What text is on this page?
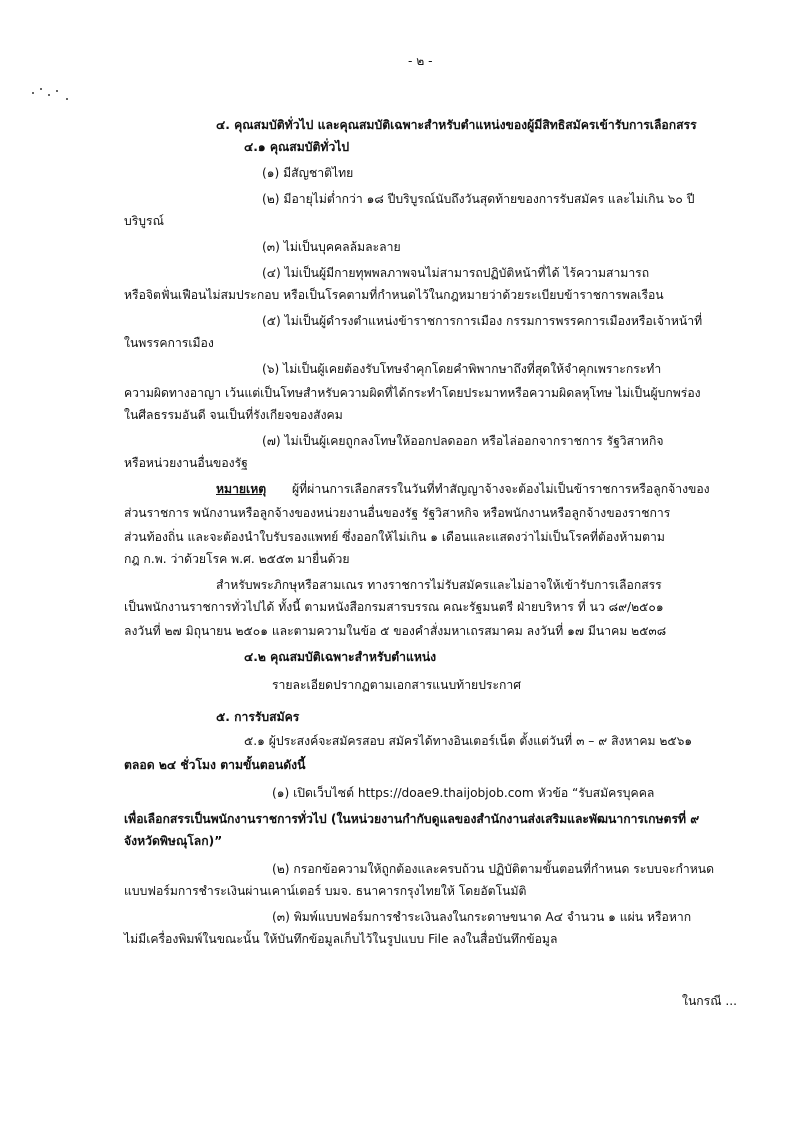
- ๒ -
๔. คุณสมบัติทั่วไป และคุณสมบัติเฉพาะสำหรับตำแหน่งของผู้มีสิทธิสมัครเข้ารับการเลือกสรร
๔.๑ คุณสมบัติทั่วไป
(๑) มีสัญชาติไทย
(๒) มีอายุไม่ต่ำกว่า ๑๘ ปีบริบูรณ์นับถึงวันสุดท้ายของการรับสมัคร และไม่เกิน ๖๐ ปี
บริบูรณ์
(๓) ไม่เป็นบุคคลล้มละลาย
(๔) ไม่เป็นผู้มีกายทุพพลภาพจนไม่สามารถปฏิบัติหน้าที่ได้ ไร้ความสามารถ
หรือจิตฟั่นเฟือนไม่สมประกอบ หรือเป็นโรคตามที่กำหนดไว้ในกฎหมายว่าด้วยระเบียบข้าราชการพลเรือน
(๕) ไม่เป็นผู้ดำรงตำแหน่งข้าราชการการเมือง กรรมการพรรคการเมืองหรือเจ้าหน้าที่
ในพรรคการเมือง
(๖) ไม่เป็นผู้เคยต้องรับโทษจำคุกโดยคำพิพากษาถึงที่สุดให้จำคุกเพราะกระทำ
ความผิดทางอาญา เว้นแต่เป็นโทษสำหรับความผิดที่ได้กระทำโดยประมาทหรือความผิดลหุโทษ ไม่เป็นผู้บกพร่อง
ในศีลธรรมอันดี จนเป็นที่รังเกียจของสังคม
(๗) ไม่เป็นผู้เคยถูกลงโทษให้ออกปลดออก หรือไล่ออกจากราชการ รัฐวิสาหกิจ
หรือหน่วยงานอื่นของรัฐ
หมายเหตุ ผู้ที่ผ่านการเลือกสรรในวันที่ทำสัญญาจ้างจะต้องไม่เป็นข้าราชการหรือลูกจ้างของ
ส่วนราชการ พนักงานหรือลูกจ้างของหน่วยงานอื่นของรัฐ รัฐวิสาหกิจ หรือพนักงานหรือลูกจ้างของราชการ
ส่วนท้องถิ่น และจะต้องนำใบรับรองแพทย์ ซึ่งออกให้ไม่เกิน ๑ เดือนและแสดงว่าไม่เป็นโรคที่ต้องห้ามตาม
กฎ ก.พ. ว่าด้วยโรค พ.ศ. ๒๕๕๓ มายื่นด้วย
สำหรับพระภิกษุหรือสามเณร ทางราชการไม่รับสมัครและไม่อาจให้เข้ารับการเลือกสรร
เป็นพนักงานราชการทั่วไปได้ ทั้งนี้ ตามหนังสือกรมสารบรรณ คณะรัฐมนตรี ฝ่ายบริหาร ที่ นว ๘๙/๒๕๐๑
ลงวันที่ ๒๗ มิถุนายน ๒๕๐๑ และตามความในข้อ ๕ ของคำสั่งมหาเถรสมาคม ลงวันที่ ๑๗ มีนาคม ๒๕๓๘
๔.๒ คุณสมบัติเฉพาะสำหรับตำแหน่ง
รายละเอียดปรากฏตามเอกสารแนบท้ายประกาศ
๕. การรับสมัคร
๕.๑ ผู้ประสงค์จะสมัครสอบ สมัครได้ทางอินเตอร์เน็ต ตั้งแต่วันที่ ๓ – ๙ สิงหาคม ๒๕๖๑
ตลอด ๒๔ ชั่วโมง ตามขั้นตอนดังนี้
(๑) เปิดเว็บไซต์ https://doae9.thaijobjob.com หัวข้อ “รับสมัครบุคคล
เพื่อเลือกสรรเป็นพนักงานราชการทั่วไป (ในหน่วยงานกำกับดูแลของสำนักงานส่งเสริมและพัฒนาการเกษตรที่ ๙
จังหวัดพิษณุโลก)”
(๒) กรอกข้อความให้ถูกต้องและครบถ้วน ปฏิบัติตามขั้นตอนที่กำหนด ระบบจะกำหนด
แบบฟอร์มการชำระเงินผ่านเคาน์เตอร์ บมจ. ธนาคารกรุงไทยให้ โดยอัตโนมัติ
(๓) พิมพ์แบบฟอร์มการชำระเงินลงในกระดาษขนาด A๔ จำนวน ๑ แผ่น หรือหาก
ไม่มีเครื่องพิมพ์ในขณะนั้น ให้บันทึกข้อมูลเก็บไว้ในรูปแบบ File ลงในสื่อบันทึกข้อมูล
ในกรณี ...
